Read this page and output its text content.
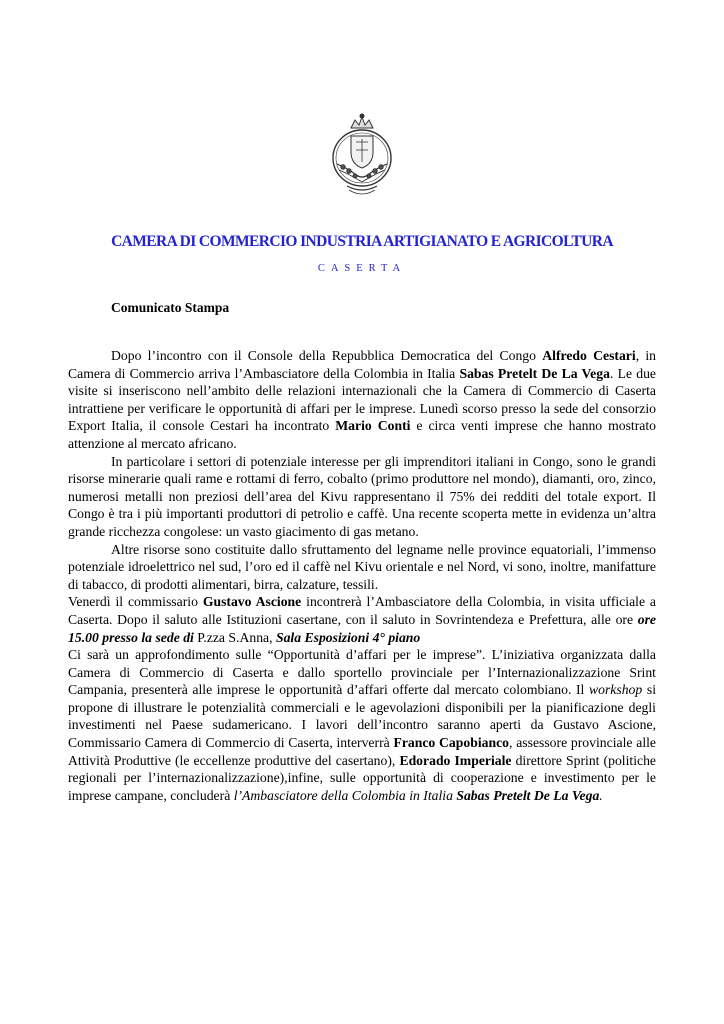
CAMERA DI COMMERCIO INDUSTRIA ARTIGIANATO E AGRICOLTURA
CASERTA
Comunicato Stampa

Dopo l’incontro con il Console della Repubblica Democratica del Congo Alfredo Cestari, in Camera di Commercio arriva l’Ambasciatore della Colombia in Italia Sabas Pretelt De La Vega. Le due visite si inseriscono nell’ambito delle relazioni internazionali che la Camera di Commercio di Caserta intrattiene per verificare le opportunità di affari per le imprese. Lunedì scorso presso la sede del consorzio Export Italia, il console Cestari ha incontrato Mario Conti e circa venti imprese che hanno mostrato attenzione al mercato africano.

In particolare i settori di potenziale interesse per gli imprenditori italiani in Congo, sono le grandi risorse minerarie quali rame e rottami di ferro, cobalto (primo produttore nel mondo), diamanti, oro, zinco, numerosi metalli non preziosi dell’area del Kivu rappresentano il 75% dei redditi del totale export. Il Congo è tra i più importanti produttori di petrolio e caffè. Una recente scoperta mette in evidenza un’altra grande ricchezza congolese: un vasto giacimento di gas metano.

Altre risorse sono costituite dallo sfruttamento del legname nelle province equatoriali, l’immenso potenziale idroelettrico nel sud, l’oro ed il caffè nel Kivu orientale e nel Nord, vi sono, inoltre, manifatture di tabacco, di prodotti alimentari, birra, calzature, tessili.

Venerdì il commissario Gustavo Ascione incontrerà l’Ambasciatore della Colombia, in visita ufficiale a Caserta. Dopo il saluto alle Istituzioni casertane, con il saluto in Sovrintendeza e Prefettura, alle ore ore 15.00 presso la sede di P.zza S.Anna, Sala Esposizioni 4° piano

Ci sarà un approfondimento sulle “Opportunità d’affari per le imprese”. L’iniziativa organizzata dalla Camera di Commercio di Caserta e dallo sportello provinciale per l’Internazionalizzazione Srint Campania, presenterà alle imprese le opportunità d’affari offerte dal mercato colombiano. Il workshop si propone di illustrare le potenzialità commerciali e le agevolazioni disponibili per la pianificazione degli investimenti nel Paese sudamericano. I lavori dell’incontro saranno aperti da Gustavo Ascione, Commissario Camera di Commercio di Caserta, interverrà Franco Capobianco, assessore provinciale alle Attività Produttive (le eccellenze produttive del casertano), Edorado Imperiale direttore Sprint (politiche regionali per l’internazionalizzazione),infine, sulle opportunità di cooperazione e investimento per le imprese campane, concluderà l’Ambasciatore della Colombia in Italia Sabas Pretelt De La Vega.
